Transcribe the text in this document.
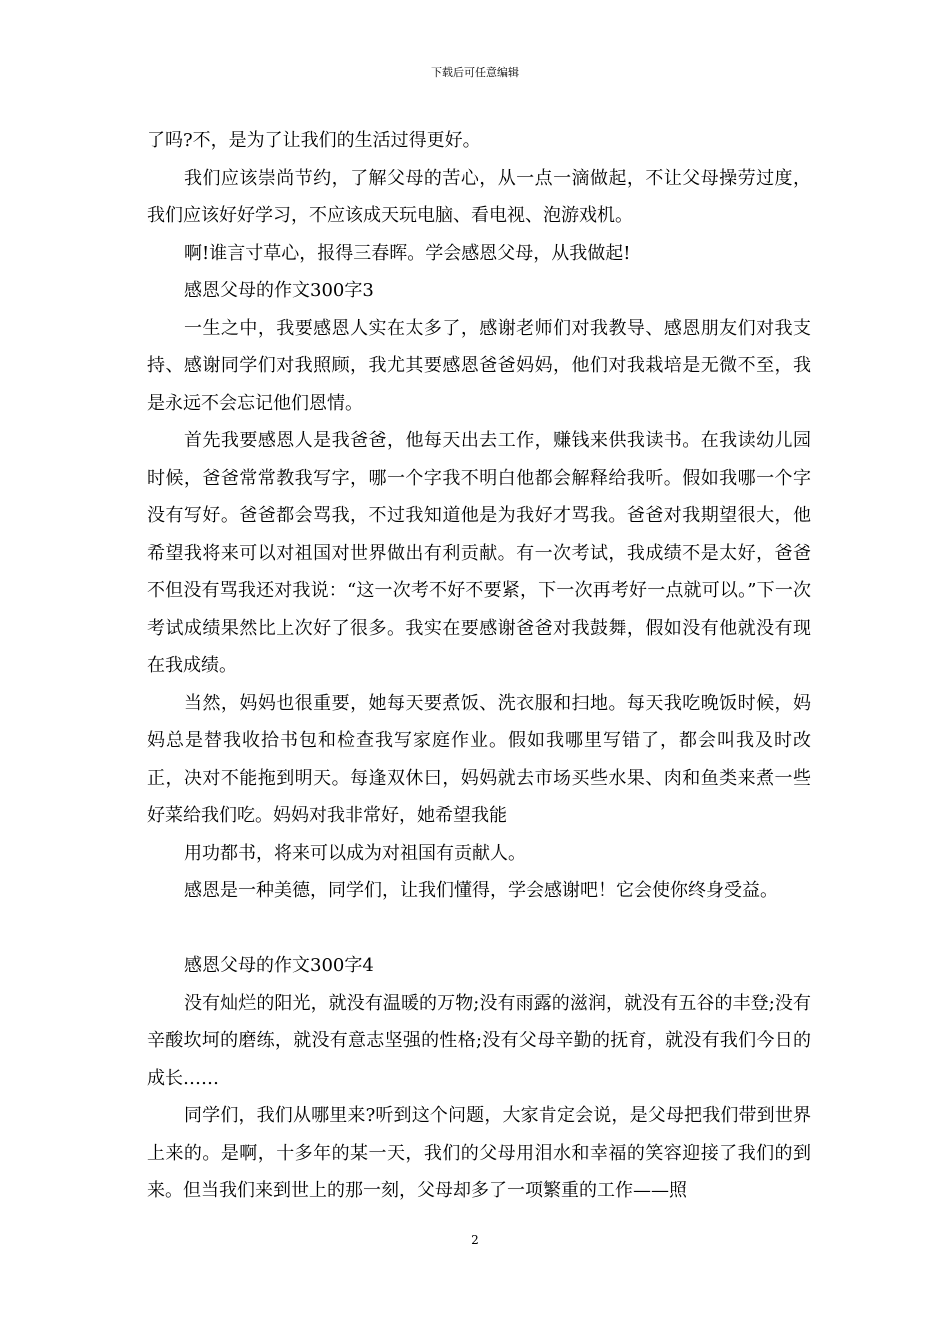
下载后可任意编辑

了吗?不，是为了让我们的生活过得更好。

我们应该崇尚节约，了解父母的苦心，从一点一滴做起，不让父母操劳过度，我们应该好好学习，不应该成天玩电脑、看电视、泡游戏机。

啊!谁言寸草心，报得三春晖。学会感恩父母，从我做起!

感恩父母的作文300字3

一生之中，我要感恩人实在太多了，感谢老师们对我教导、感恩朋友们对我支持、感谢同学们对我照顾，我尤其要感恩爸爸妈妈，他们对我栽培是无微不至，我是永远不会忘记他们恩情。

首先我要感恩人是我爸爸，他每天出去工作，赚钱来供我读书。在我读幼儿园时候，爸爸常常教我写字，哪一个字我不明白他都会解释给我听。假如我哪一个字没有写好。爸爸都会骂我，不过我知道他是为我好才骂我。爸爸对我期望很大，他希望我将来可以对祖国对世界做出有利贡献。有一次考试，我成绩不是太好，爸爸不但没有骂我还对我说：“这一次考不好不要紧，下一次再考好一点就可以。”下一次考试成绩果然比上次好了很多。我实在要感谢爸爸对我鼓舞，假如没有他就没有现在我成绩。

当然，妈妈也很重要，她每天要煮饭、洗衣服和扫地。每天我吃晚饭时候，妈妈总是替我收拾书包和检查我写家庭作业。假如我哪里写错了，都会叫我及时改正，决对不能拖到明天。每逢双休曰，妈妈就去市场买些水果、肉和鱼类来煮一些好菜给我们吃。妈妈对我非常好，她希望我能

用功都书，将来可以成为对祖国有贡献人。

感恩是一种美德，同学们，让我们懂得，学会感谢吧！它会使你终身受益。

感恩父母的作文300字4

没有灿烂的阳光，就没有温暖的万物;没有雨露的滋润，就没有五谷的丰登;没有辛酸坎坷的磨练，就没有意志坚强的性格;没有父母辛勤的抚育，就没有我们今日的成长……

同学们，我们从哪里来?听到这个问题，大家肯定会说，是父母把我们带到世界上来的。是啊，十多年的某一天，我们的父母用泪水和幸福的笑容迎接了我们的到来。但当我们来到世上的那一刻，父母却多了一项繁重的工作——照

2
